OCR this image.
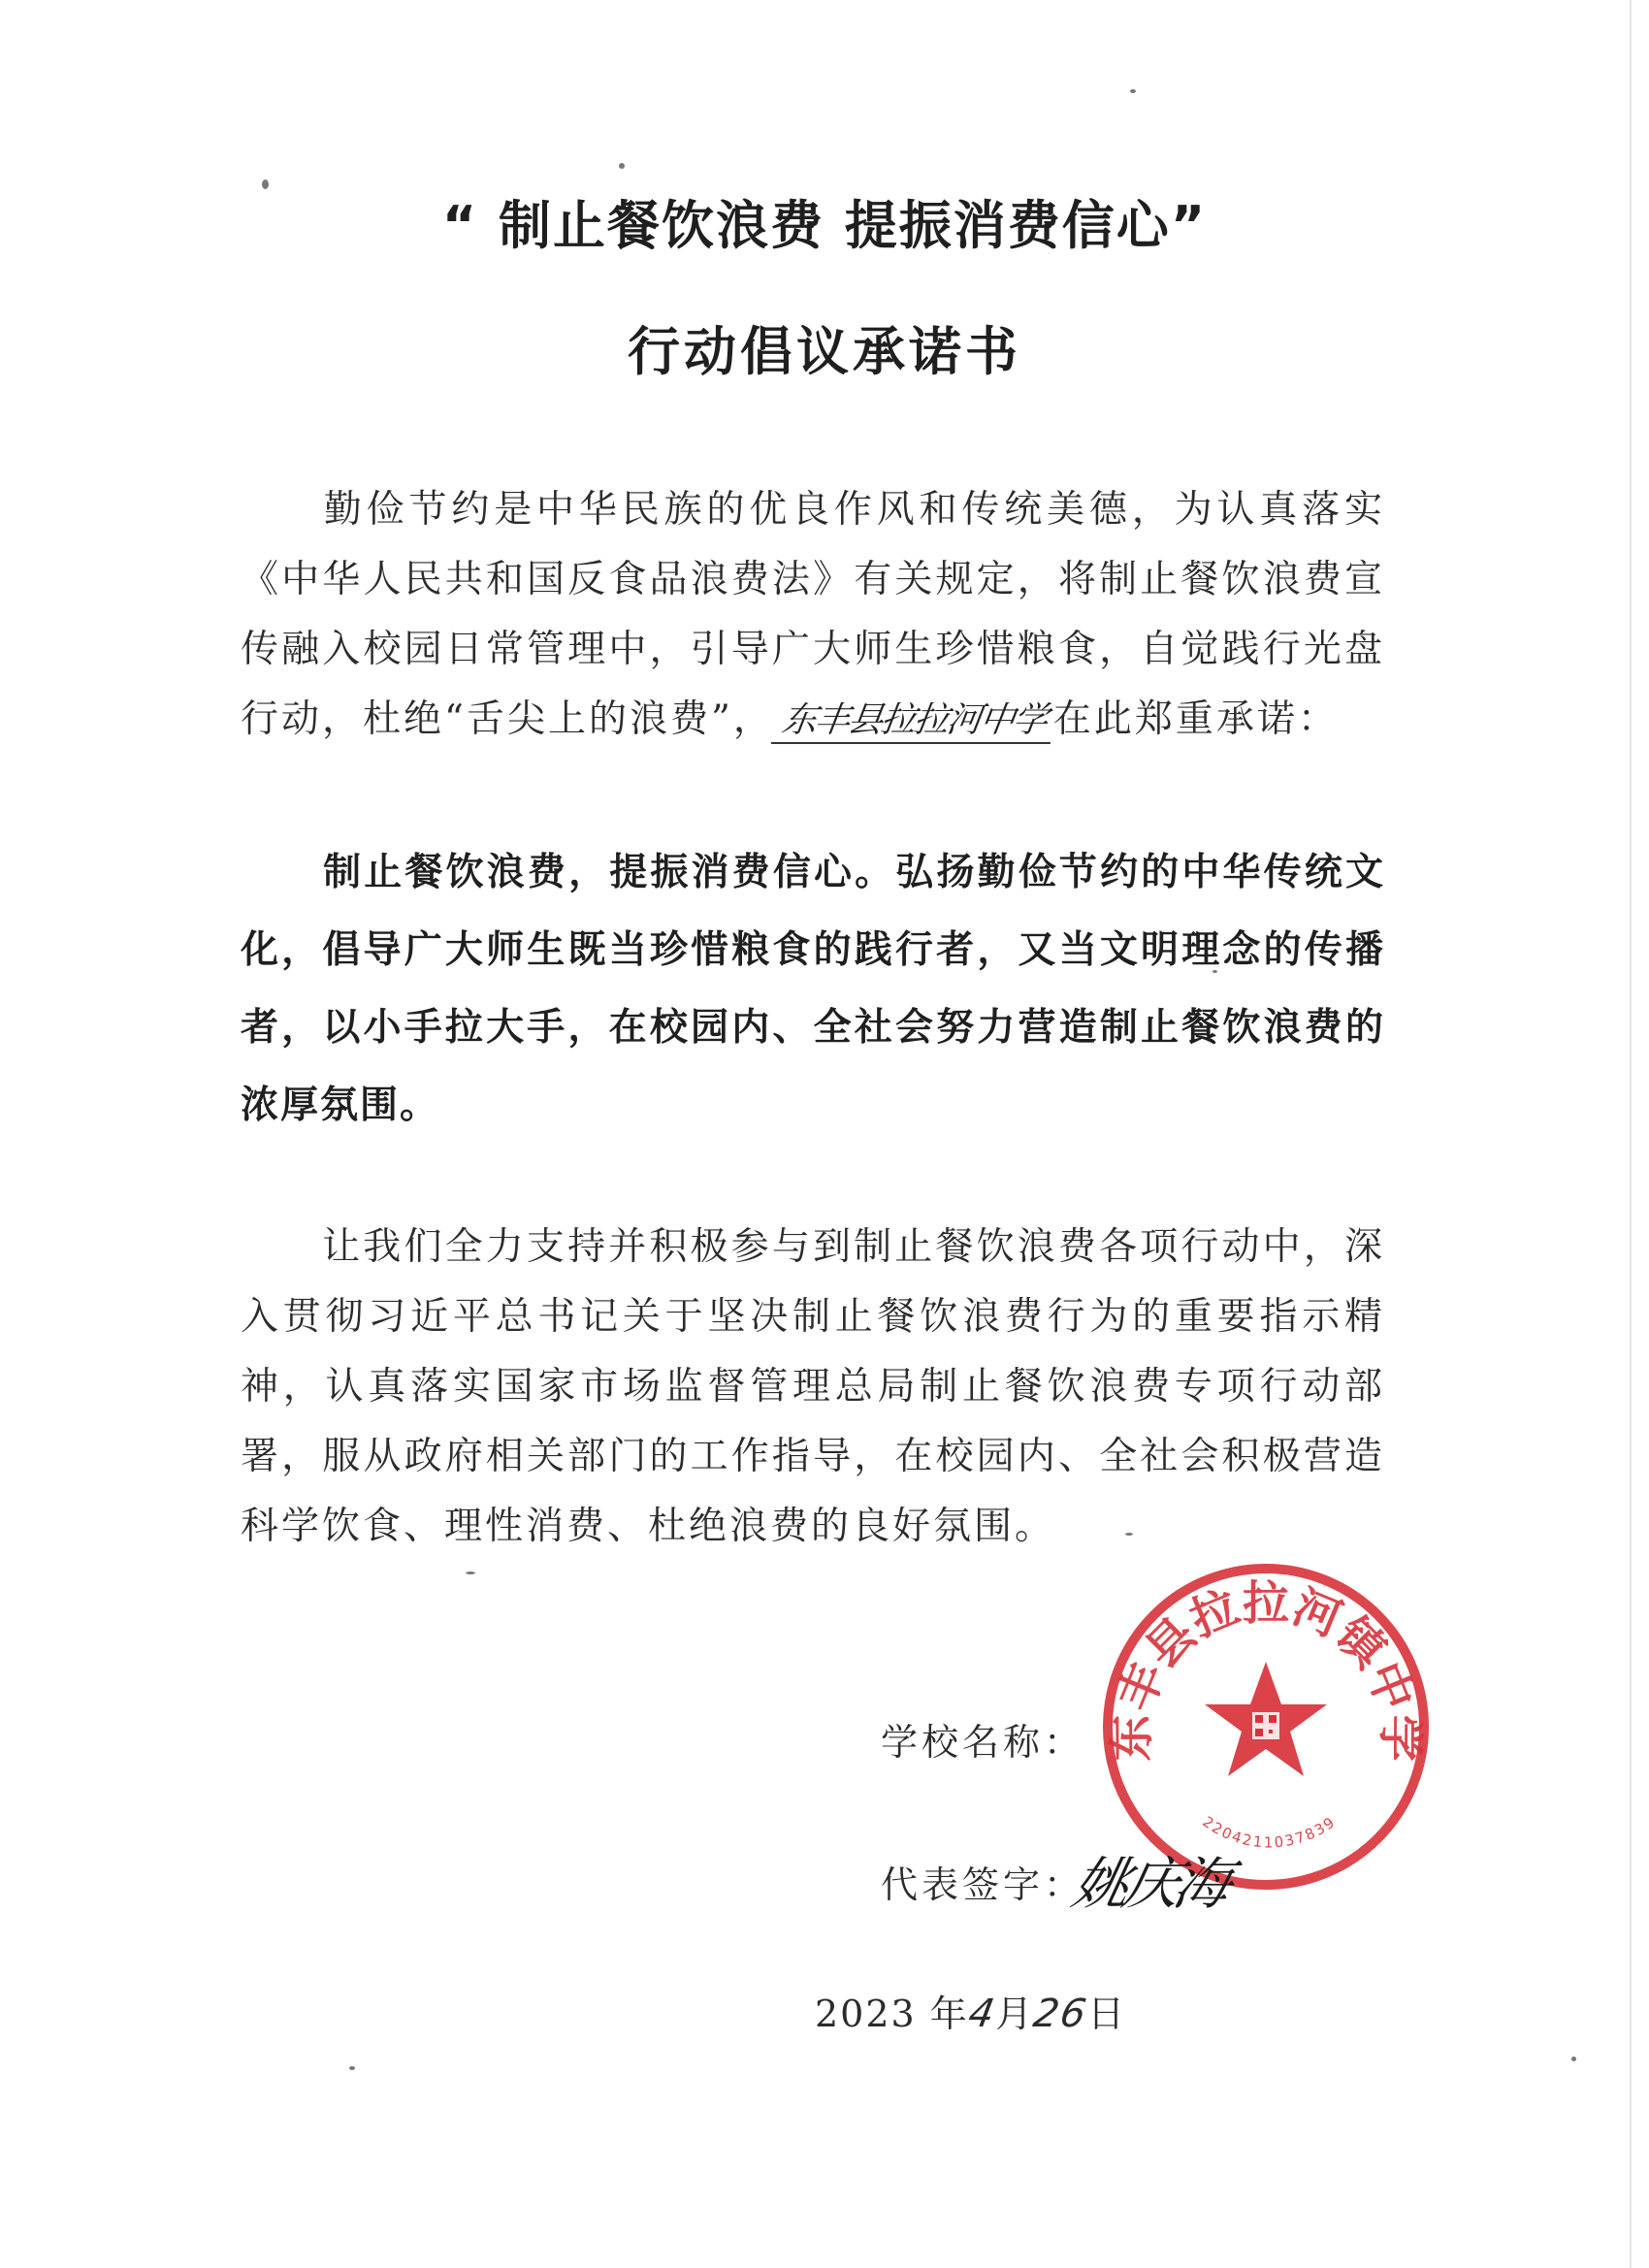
“ 制止餐饮浪费 提振消费信心”
行动倡议承诺书
勤俭节约是中华民族的优良作风和传统美德，为认真落实《中华人民共和国反食品浪费法》有关规定，将制止餐饮浪费宣传融入校园日常管理中，引导广大师生珍惜粮食，自觉践行光盘行动，杜绝“舌尖上的浪费”， 东丰县拉拉河中学 在此郑重承诺：
制止餐饮浪费，提振消费信心。弘扬勤俭节约的中华传统文化，倡导广大师生既当珍惜粮食的践行者，又当文明理念的传播者，以小手拉大手，在校园内、全社会努力营造制止餐饮浪费的浓厚氛围。
让我们全力支持并积极参与到制止餐饮浪费各项行动中，深入贯彻习近平总书记关于坚决制止餐饮浪费行为的重要指示精神，认真落实国家市场监督管理总局制止餐饮浪费专项行动部署，服从政府相关部门的工作指导，在校园内、全社会积极营造科学饮食、理性消费、杜绝浪费的良好氛围。
学校名称：
代表签字：
东丰县拉拉河镇中学
2204211037839
姚庆海
2023 年4月26日
